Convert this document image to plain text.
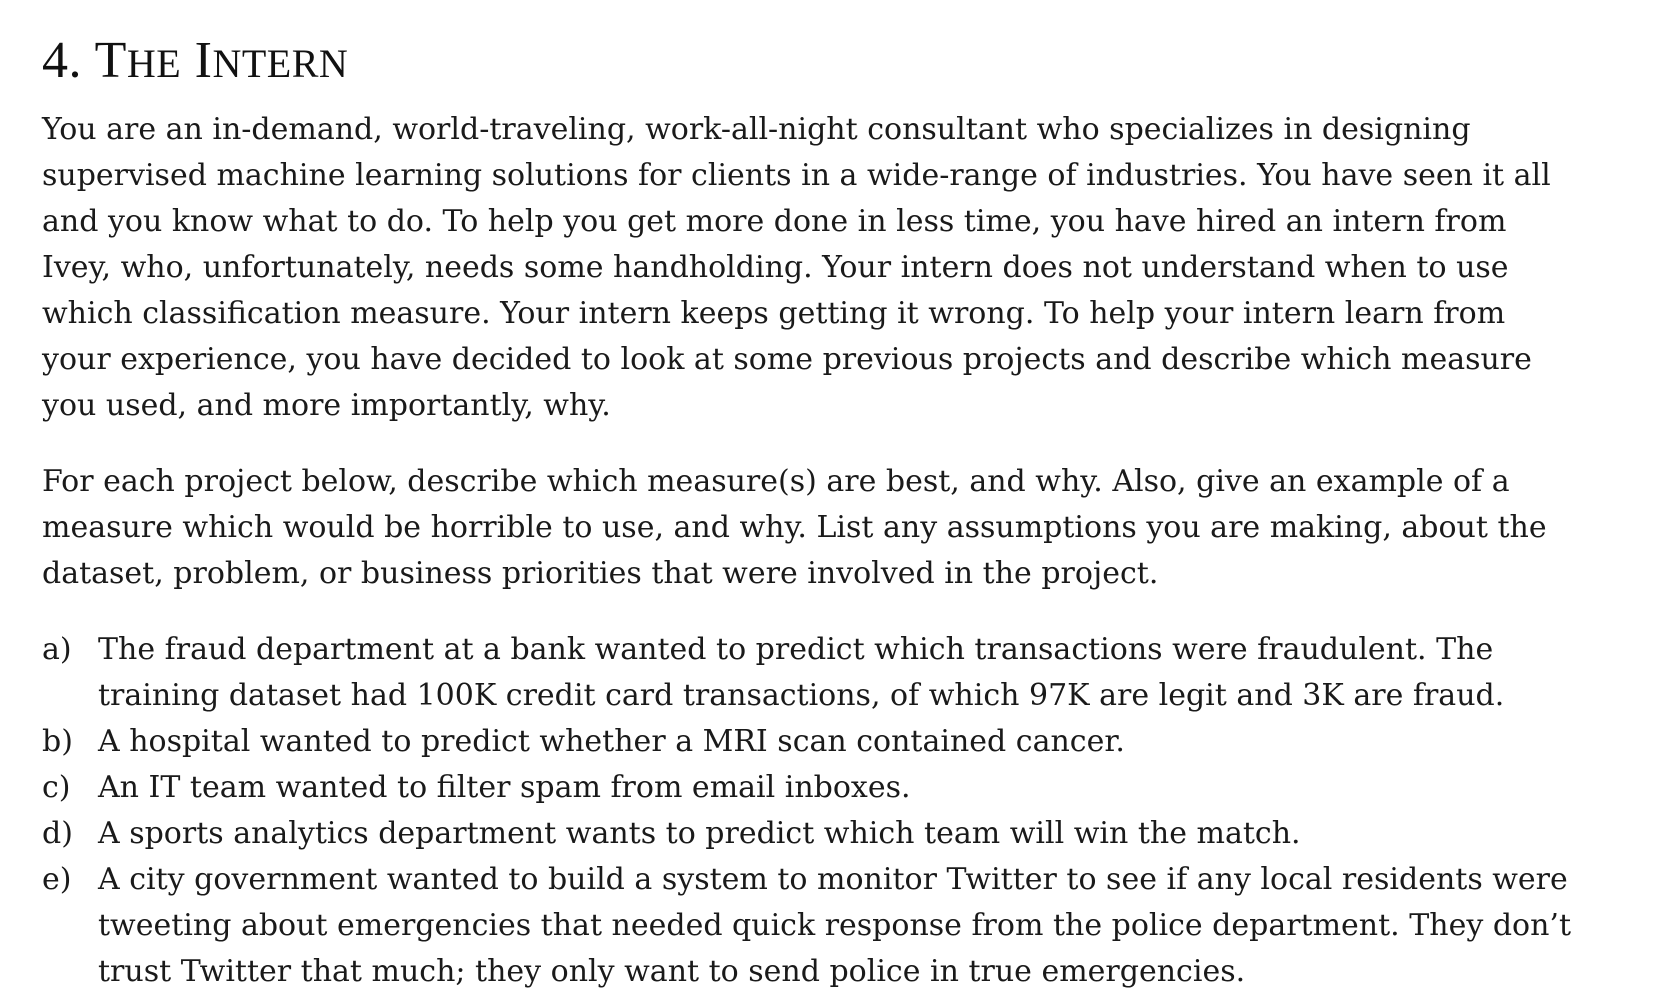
4. THE INTERN

You are an in-demand, world-traveling, work-all-night consultant who specializes in designing
supervised machine learning solutions for clients in a wide-range of industries. You have seen it all
and you know what to do. To help you get more done in less time, you have hired an intern from
Ivey, who, unfortunately, needs some handholding. Your intern does not understand when to use
which classification measure. Your intern keeps getting it wrong. To help your intern learn from
your experience, you have decided to look at some previous projects and describe which measure
you used, and more importantly, why.

For each project below, describe which measure(s) are best, and why. Also, give an example of a
measure which would be horrible to use, and why. List any assumptions you are making, about the
dataset, problem, or business priorities that were involved in the project.

a) The fraud department at a bank wanted to predict which transactions were fraudulent. The
training dataset had 100K credit card transactions, of which 97K are legit and 3K are fraud.
b) A hospital wanted to predict whether a MRI scan contained cancer.
c) An IT team wanted to filter spam from email inboxes.
d) A sports analytics department wants to predict which team will win the match.
e) A city government wanted to build a system to monitor Twitter to see if any local residents were
tweeting about emergencies that needed quick response from the police department. They don’t
trust Twitter that much; they only want to send police in true emergencies.
